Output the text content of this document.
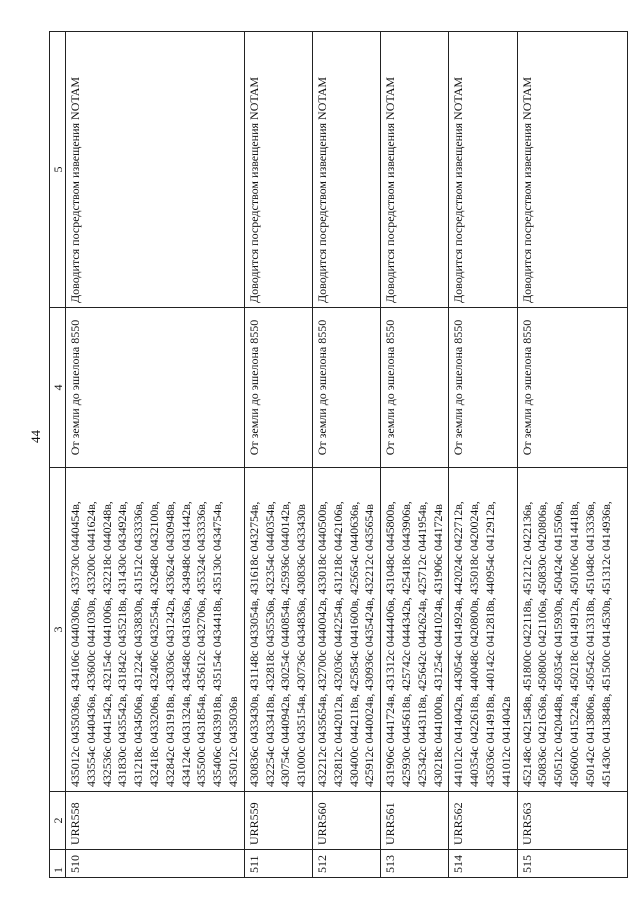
44
1	2	3	4	5
510	URR558	435012с 0435036в, 434106с 0440306в, 433730с 0440454в, 433554с 0440436в, 433600с 0441030в, 433200с 0441624в, 432536с 0441542в, 432154с 0441006в, 432218с 0440248в, 431830с 0435542в, 431842с 0435218в, 431430с 0434924в, 431218с 0434506в, 431224с 0433830в, 431512с 0433336в, 432418с 0433206в, 432406с 0432554в, 432648с 0432100в, 432842с 0431918в, 433036с 0431242в, 433624с 0430948в, 434124с 0431324в, 434548с 0431636в, 434948с 0431442в, 435500с 0431854в, 435612с 0432706в, 435324с 0433336в, 435406с 0433918в, 435154с 0434418в, 435130с 0434754в, 435012с 0435036в	От земли до эшелона 8550	Доводится посредством извещения NOTAM
511	URR559	430836с 0433430в, 431148с 0433054в, 431618с 0432754в, 432254с 0433418в, 432818с 0435536в, 432354с 0440354в, 430754с 0440942в, 430254с 0440854в, 425936с 0440142в, 431000с 0435154в, 430736с 0434836в, 430836с 0433430в	От земли до эшелона 8550	Доводится посредством извещения NOTAM
512	URR560	432212с 0435654в, 432700с 0440042в, 433018с 0440500в, 432812с 0442012в, 432036с 0442254в, 431218с 0442106в, 430400с 0442118в, 425854с 0441600в, 425654с 0440636в, 425912с 0440024в, 430936с 0435424в, 432212с 0435654в	От земли до эшелона 8550	Доводится посредством извещения NOTAM
513	URR561	431906с 0441724в, 431312с 0444406в, 431048с 0445800в, 425930с 0445618в, 425742с 0444342в, 425418с 0443906в, 425342с 0443118в, 425642с 0442624в, 425712с 0441954в, 430218с 0441000в, 431254с 0441024в, 431906с 0441724в	От земли до эшелона 8550	Доводится посредством извещения NOTAM
514	URR562	441012с 0414042в, 443054с 0414924в, 442024с 0422712в, 440354с 0422618в, 440048с 0420800в, 435018с 0420024в, 435036с 0414918в, 440142с 0412818в, 440954с 0412912в, 441012с 0414042в	От земли до эшелона 8550	Доводится посредством извещения NOTAM
515	URR563	452148с 0421548в, 451800с 0422118в, 451212с 0422136в, 450836с 0421636в, 450800с 0421106в, 450830с 0420806в, 450512с 0420448в, 450354с 0415930в, 450424с 0415506в, 450600с 0415224в, 450218с 0414912в, 450106с 0414418в, 450142с 0413806в, 450542с 0413318в, 451048с 0413336в, 451430с 0413848в, 451500с 0414530в, 451312с 0414936в,	От земли до эшелона 8550	Доводится посредством извещения NOTAM
